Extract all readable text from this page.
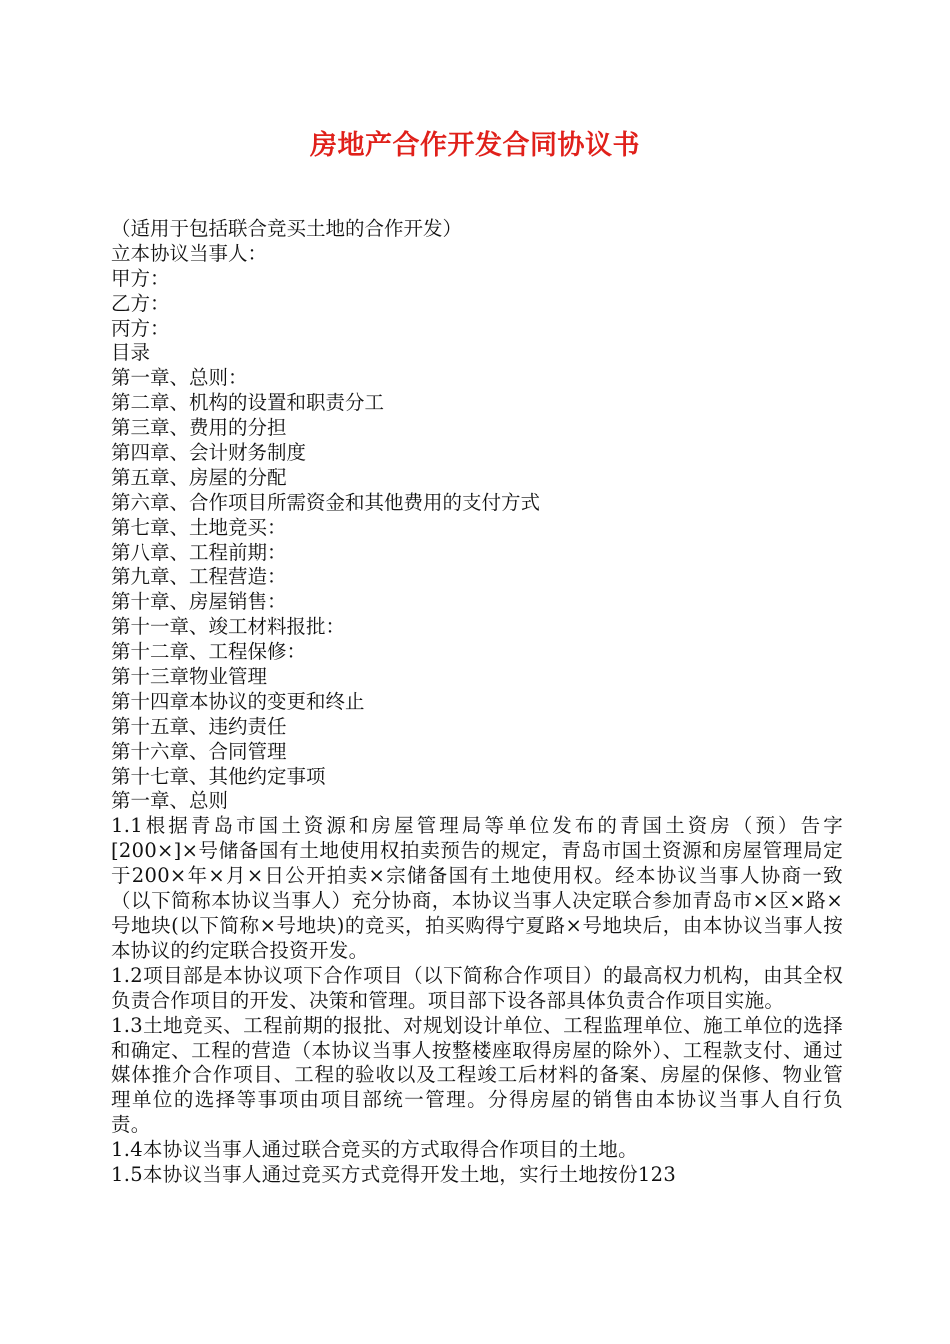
房地产合作开发合同协议书
（适用于包括联合竞买土地的合作开发）
立本协议当事人：
甲方：
乙方：
丙方：
目录
第一章、总则：
第二章、机构的设置和职责分工
第三章、费用的分担
第四章、会计财务制度
第五章、房屋的分配
第六章、合作项目所需资金和其他费用的支付方式
第七章、土地竞买：
第八章、工程前期：
第九章、工程营造：
第十章、房屋销售：
第十一章、竣工材料报批：
第十二章、工程保修：
第十三章物业管理
第十四章本协议的变更和终止
第十五章、违约责任
第十六章、合同管理
第十七章、其他约定事项
第一章、总则
1.1根据青岛市国土资源和房屋管理局等单位发布的青国土资房（预）告字[200×]×号储备国有土地使用权拍卖预告的规定，青岛市国土资源和房屋管理局定于200×年×月×日公开拍卖×宗储备国有土地使用权。经本协议当事人协商一致（以下简称本协议当事人）充分协商，本协议当事人决定联合参加青岛市×区×路×号地块(以下简称×号地块)的竞买，拍买购得宁夏路×号地块后，由本协议当事人按本协议的约定联合投资开发。
1.2项目部是本协议项下合作项目（以下简称合作项目）的最高权力机构，由其全权负责合作项目的开发、决策和管理。项目部下设各部具体负责合作项目实施。
1.3土地竞买、工程前期的报批、对规划设计单位、工程监理单位、施工单位的选择和确定、工程的营造（本协议当事人按整楼座取得房屋的除外）、工程款支付、通过媒体推介合作项目、工程的验收以及工程竣工后材料的备案、房屋的保修、物业管理单位的选择等事项由项目部统一管理。分得房屋的销售由本协议当事人自行负责。
1.4本协议当事人通过联合竞买的方式取得合作项目的土地。
1.5本协议当事人通过竞买方式竞得开发土地，实行土地按份123
